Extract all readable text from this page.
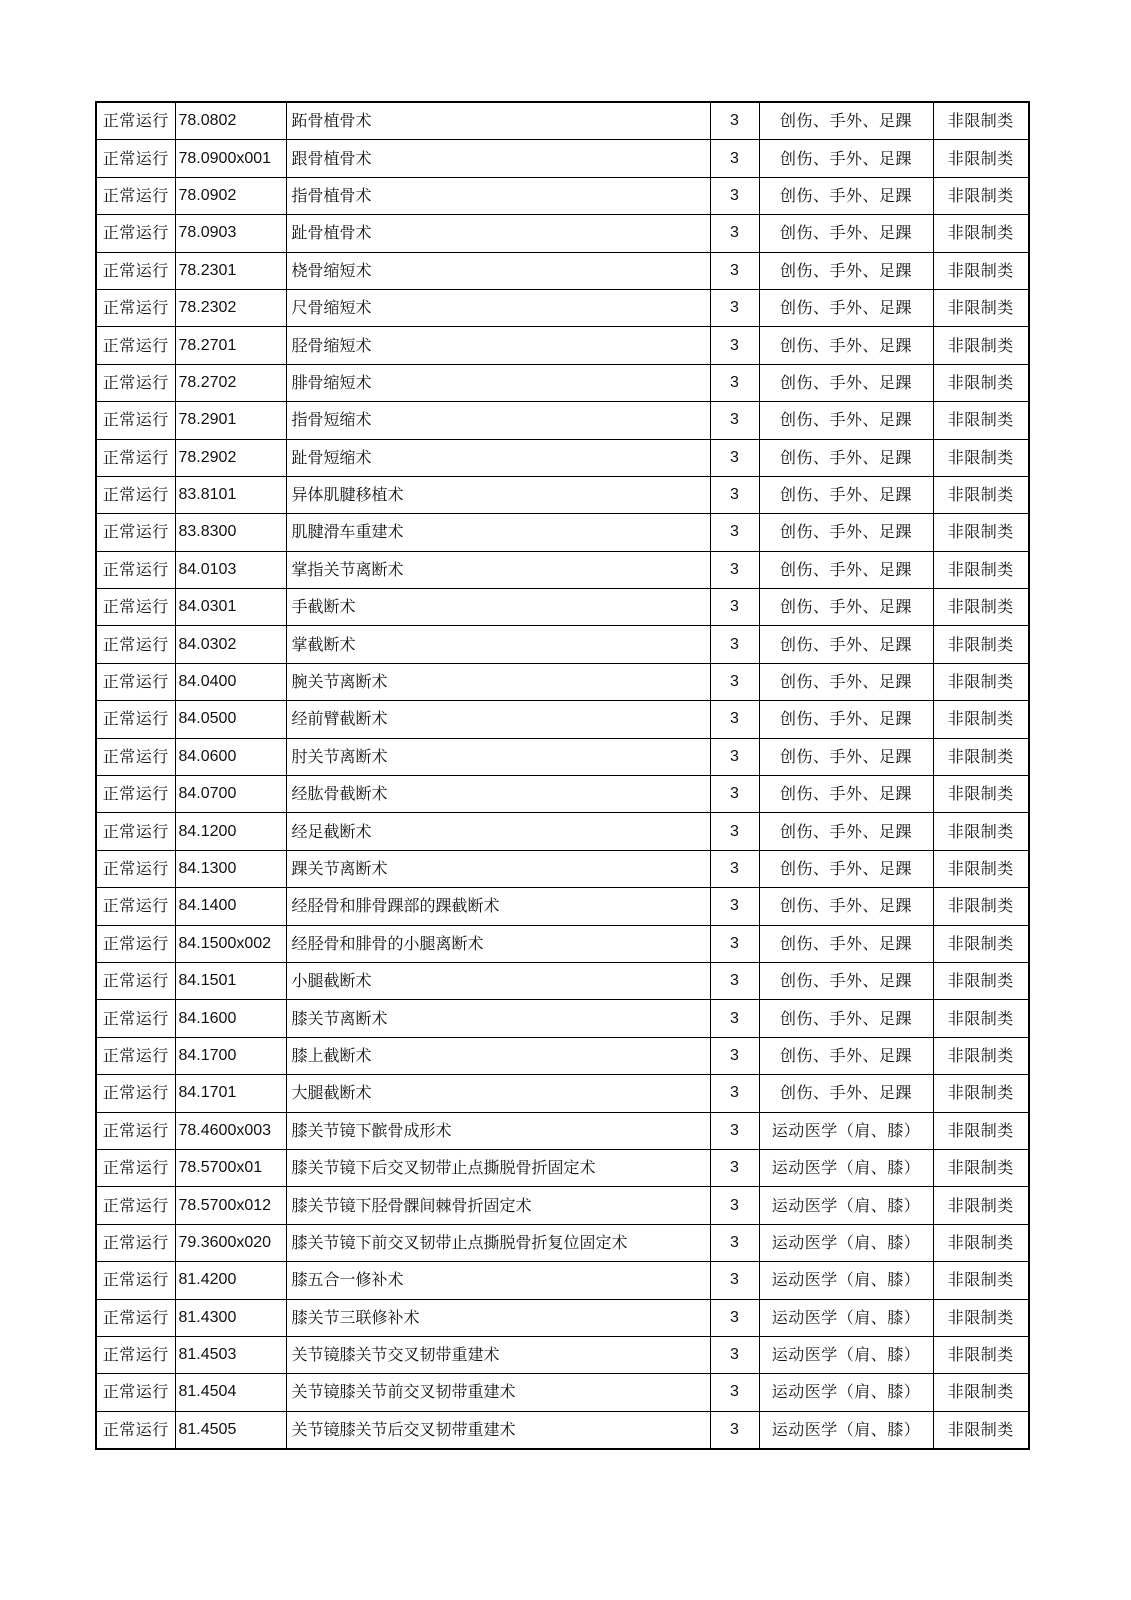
正常运行	78.0802	跖骨植骨术	3	创伤、手外、足踝	非限制类
正常运行	78.0900x001	跟骨植骨术	3	创伤、手外、足踝	非限制类
正常运行	78.0902	指骨植骨术	3	创伤、手外、足踝	非限制类
正常运行	78.0903	趾骨植骨术	3	创伤、手外、足踝	非限制类
正常运行	78.2301	桡骨缩短术	3	创伤、手外、足踝	非限制类
正常运行	78.2302	尺骨缩短术	3	创伤、手外、足踝	非限制类
正常运行	78.2701	胫骨缩短术	3	创伤、手外、足踝	非限制类
正常运行	78.2702	腓骨缩短术	3	创伤、手外、足踝	非限制类
正常运行	78.2901	指骨短缩术	3	创伤、手外、足踝	非限制类
正常运行	78.2902	趾骨短缩术	3	创伤、手外、足踝	非限制类
正常运行	83.8101	异体肌腱移植术	3	创伤、手外、足踝	非限制类
正常运行	83.8300	肌腱滑车重建术	3	创伤、手外、足踝	非限制类
正常运行	84.0103	掌指关节离断术	3	创伤、手外、足踝	非限制类
正常运行	84.0301	手截断术	3	创伤、手外、足踝	非限制类
正常运行	84.0302	掌截断术	3	创伤、手外、足踝	非限制类
正常运行	84.0400	腕关节离断术	3	创伤、手外、足踝	非限制类
正常运行	84.0500	经前臂截断术	3	创伤、手外、足踝	非限制类
正常运行	84.0600	肘关节离断术	3	创伤、手外、足踝	非限制类
正常运行	84.0700	经肱骨截断术	3	创伤、手外、足踝	非限制类
正常运行	84.1200	经足截断术	3	创伤、手外、足踝	非限制类
正常运行	84.1300	踝关节离断术	3	创伤、手外、足踝	非限制类
正常运行	84.1400	经胫骨和腓骨踝部的踝截断术	3	创伤、手外、足踝	非限制类
正常运行	84.1500x002	经胫骨和腓骨的小腿离断术	3	创伤、手外、足踝	非限制类
正常运行	84.1501	小腿截断术	3	创伤、手外、足踝	非限制类
正常运行	84.1600	膝关节离断术	3	创伤、手外、足踝	非限制类
正常运行	84.1700	膝上截断术	3	创伤、手外、足踝	非限制类
正常运行	84.1701	大腿截断术	3	创伤、手外、足踝	非限制类
正常运行	78.4600x003	膝关节镜下髌骨成形术	3	运动医学（肩、膝）	非限制类
正常运行	78.5700x01	膝关节镜下后交叉韧带止点撕脱骨折固定术	3	运动医学（肩、膝）	非限制类
正常运行	78.5700x012	膝关节镜下胫骨髁间棘骨折固定术	3	运动医学（肩、膝）	非限制类
正常运行	79.3600x020	膝关节镜下前交叉韧带止点撕脱骨折复位固定术	3	运动医学（肩、膝）	非限制类
正常运行	81.4200	膝五合一修补术	3	运动医学（肩、膝）	非限制类
正常运行	81.4300	膝关节三联修补术	3	运动医学（肩、膝）	非限制类
正常运行	81.4503	关节镜膝关节交叉韧带重建术	3	运动医学（肩、膝）	非限制类
正常运行	81.4504	关节镜膝关节前交叉韧带重建术	3	运动医学（肩、膝）	非限制类
正常运行	81.4505	关节镜膝关节后交叉韧带重建术	3	运动医学（肩、膝）	非限制类
